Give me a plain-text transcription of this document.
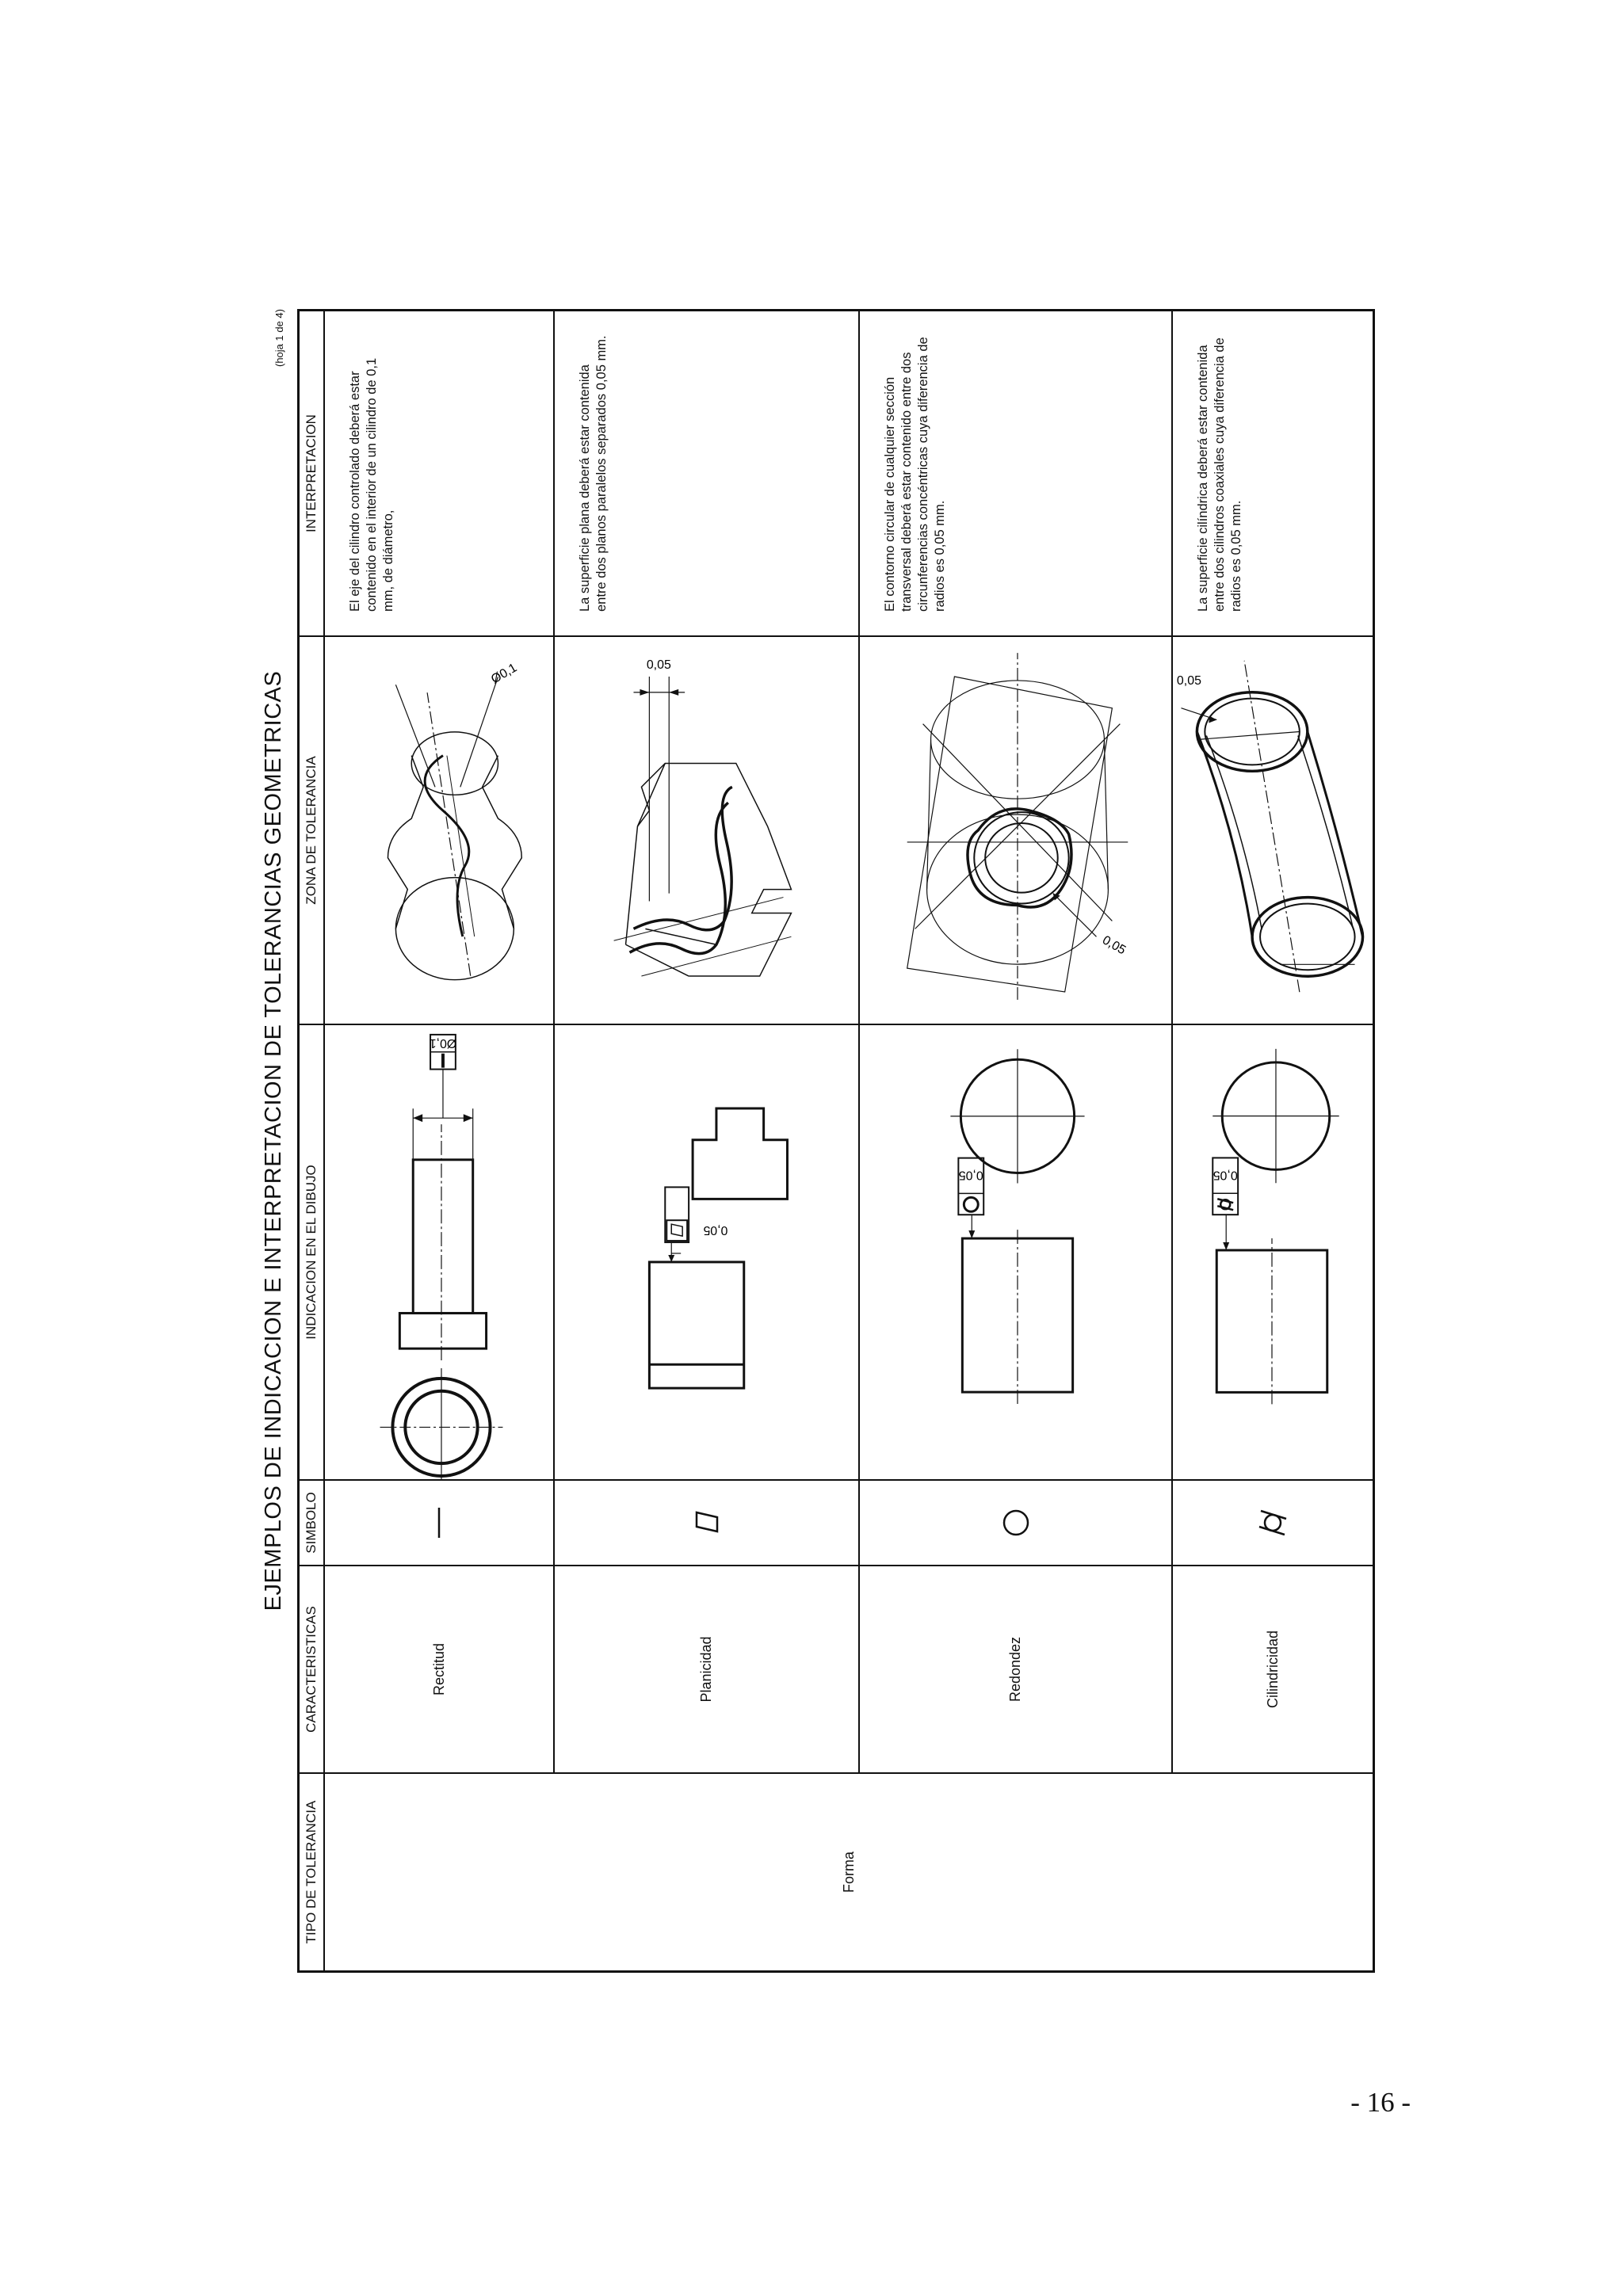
EJEMPLOS DE INDICACION E INTERPRETACION DE TOLERANCIAS GEOMETRICAS
(hoja 1 de 4)
TIPO DE TOLERANCIA
CARACTERISTICAS
SIMBOLO
INDICACION EN EL DIBUJO
ZONA DE TOLERANCIA
INTERPRETACION
Forma
Rectitud
Ø0,1
Ø0,1
El eje del cilindro controlado deberá estar contenido en el interior de un cilindro de 0,1 mm, de diámetro,
Planicidad
0,05
0,05
La superficie plana deberá estar contenida entre dos planos paralelos separados 0,05 mm.
Redondez
0,05
0,05
El contorno circular de cualquier sección transversal deberá estar contenido entre dos circunferencias concéntricas cuya diferencia de radios es 0,05 mm.
Cilindricidad
0,05
0,05
La superficie cilíndrica deberá estar contenida entre dos cilindros coaxiales cuya diferencia de radios es 0,05 mm.
- 16 -
